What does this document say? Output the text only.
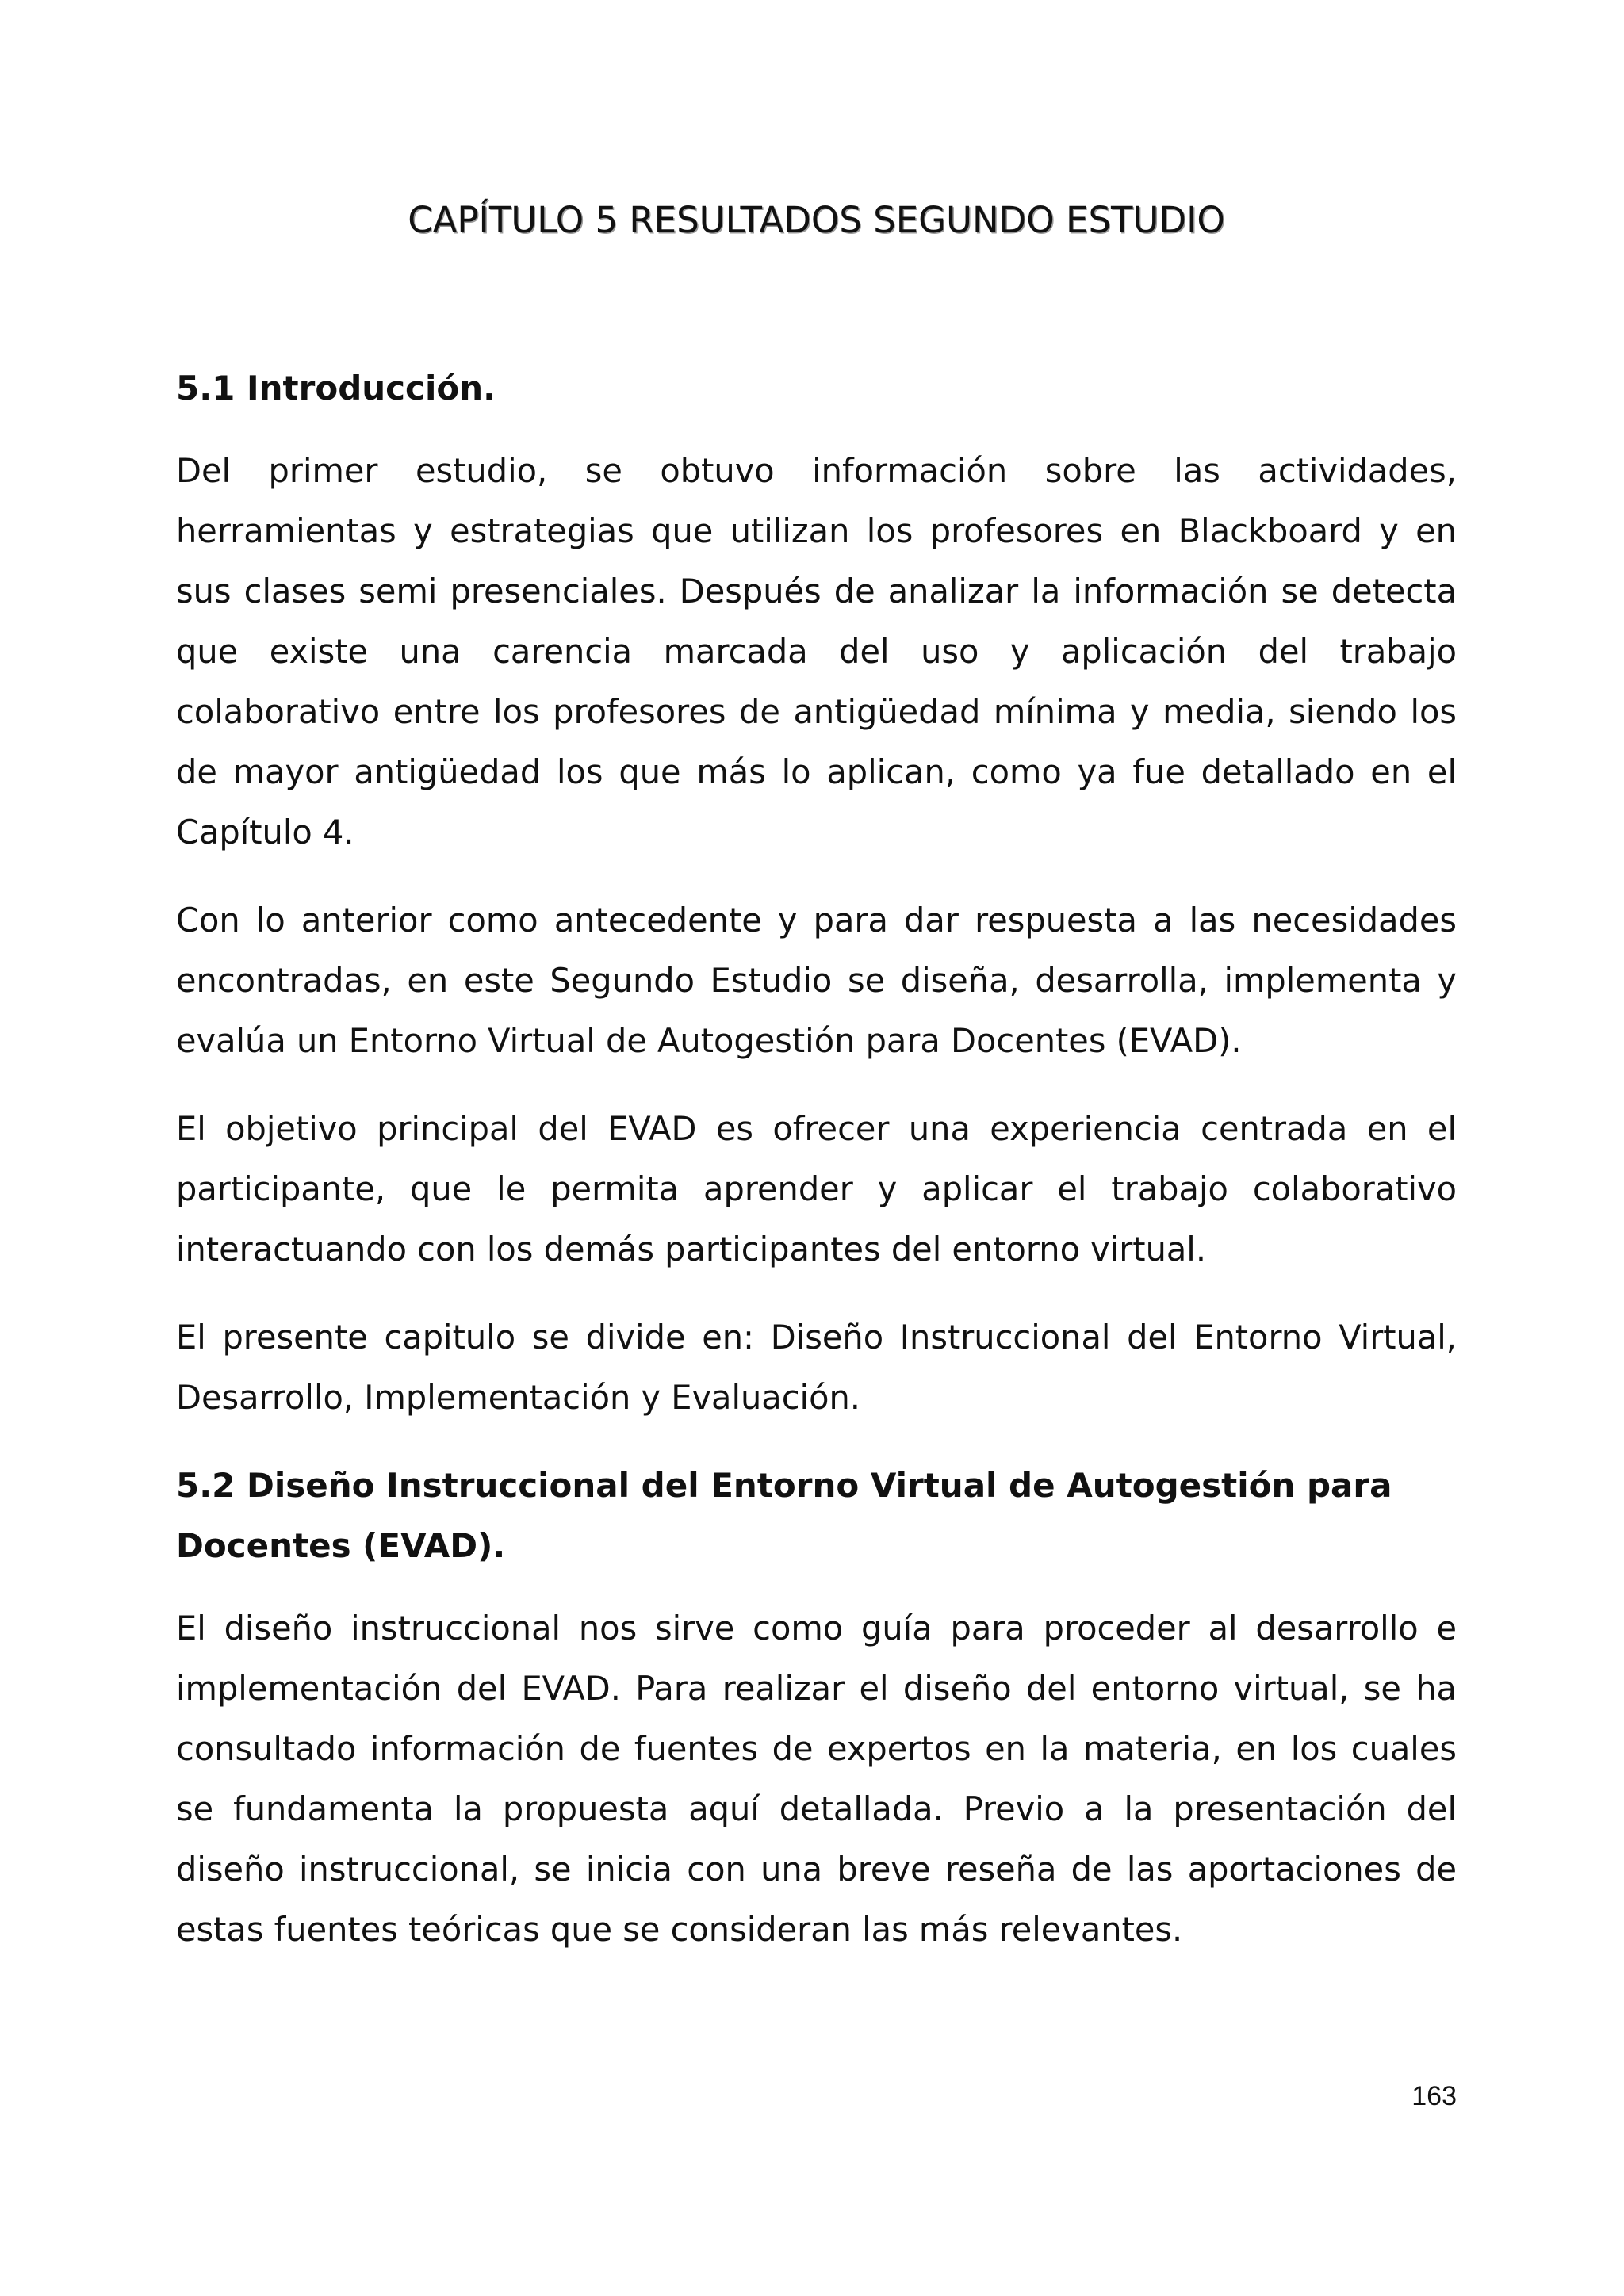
CAPÍTULO 5 RESULTADOS SEGUNDO ESTUDIO
5.1 Introducción.

Del primer estudio, se obtuvo información sobre las actividades, herramientas y estrategias que utilizan los profesores en Blackboard y en sus clases semi presenciales. Después de analizar la información se detecta que existe una carencia marcada del uso y aplicación del trabajo colaborativo entre los profesores de antigüedad mínima y media, siendo los de mayor antigüedad los que más lo aplican, como ya fue detallado en el Capítulo 4.

Con lo anterior como antecedente y para dar respuesta a las necesidades encontradas, en este Segundo Estudio se diseña, desarrolla, implementa y evalúa un Entorno Virtual de Autogestión para Docentes (EVAD).

El objetivo principal del EVAD es ofrecer una experiencia centrada en el participante, que le permita aprender y aplicar el trabajo colaborativo interactuando con los demás participantes del entorno virtual.

El presente capitulo se divide en: Diseño Instruccional del Entorno Virtual, Desarrollo, Implementación y Evaluación.

5.2 Diseño Instruccional del Entorno Virtual de Autogestión para Docentes (EVAD).

El diseño instruccional nos sirve como guía para proceder al desarrollo e implementación del EVAD. Para realizar el diseño del entorno virtual, se ha consultado información de fuentes de expertos en la materia, en los cuales se fundamenta la propuesta aquí detallada. Previo a la presentación del diseño instruccional, se inicia con una breve reseña de las aportaciones de estas fuentes teóricas que se consideran las más relevantes.

163
